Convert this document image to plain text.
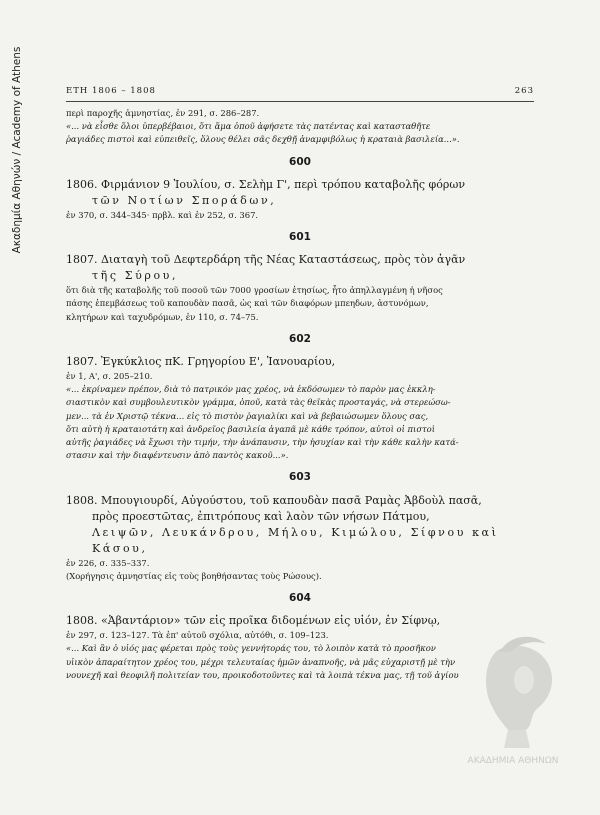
Ακαδημία Αθηνών / Academy of Athens	ΕΤΗ 1806 – 1808	263
περὶ παροχῆς ἀμνηστίας, ἐν 291, σ. 286–287.
«... νὰ εἶσθε ὅλοι ὑπερβέβαιοι, ὅτι ἅμα ὁποῦ ἀφήσετε τὰς πατέντας καὶ κατασταθῆτε
ῥαγιάδες πιστοὶ καὶ εὐπειθεῖς, ὅλους θέλει σᾶς δεχθῇ ἀναμφιβόλως ἡ κραταιὰ βασιλεία...».
600
1806. Φιρμάνιον 9 Ἰουλίου, σ. Σελὴμ Γ', περὶ τρόπου καταβολῆς φόρων
τῶν Νοτίων Σποράδων,
ἐν 370, σ. 344–345· πρβλ. καὶ ἐν 252, σ. 367.
601
1807. Διαταγὴ τοῦ Δεφτερδάρη τῆς Νέας Καταστάσεως, πρὸς τὸν ἀγᾶν
τῆς Σύρου,
ὅτι διὰ τῆς καταβολῆς τοῦ ποσοῦ τῶν 7000 γροσίων ἐτησίως, ἦτο ἀπηλλαγμένη ἡ νῆσος
πάσης ἐπεμβάσεως τοῦ καπουδὰν πασᾶ, ὡς καὶ τῶν διαφόρων μπεηδων, ἀστυνόμων,
κλητήρων καὶ ταχυδρόμων, ἐν 110, σ. 74–75.
602
1807. Ἐγκύκλιος πΚ. Γρηγορίου Ε', Ἰανουαρίου,
ἐν 1, Α', σ. 205–210.
«... ἐκρίναμεν πρέπον, διὰ τὸ πατρικόν μας χρέος, νὰ ἐκδόσωμεν τὸ παρὸν μας ἐκκλη-
σιαστικὸν καὶ συμβουλευτικὸν γράμμα, ὁποῦ, κατὰ τὰς θεϊκὰς προσταγάς, νὰ στερεώσω-
μεν... τὰ ἐν Χριστῷ τέκνα... εἰς τὸ πιστὸν ῥαγιαλίκι καὶ νὰ βεβαιώσωμεν ὅλους σας,
ὅτι αὐτὴ ἡ κραταιοτάτη καὶ ἀνδρεῖος βασιλεία ἀγαπᾶ μὲ κάθε τρόπον, αὐτοὶ οἱ πιστοὶ
αὐτῆς ῥαγιάδες νὰ ἔχωσι τὴν τιμήν, τὴν ἀνάπαυσιν, τὴν ἡσυχίαν καὶ τὴν κάθε καλὴν κατά-
στασιν καὶ τὴν διαφέντευσιν ἀπὸ παντὸς κακοῦ...».
603
1808. Μπουγιουρδί, Αὐγούστου, τοῦ καπουδὰν πασᾶ Ραμὰς Ἀβδοὺλ πασᾶ,
πρὸς προεστῶτας, ἐπιτρόπους καὶ λαὸν τῶν νήσων Πάτμου,
Λειψῶν, Λευκάνδρου, Μήλου, Κιμώλου, Σίφνου καὶ
Κάσου,
ἐν 226, σ. 335–337.
(Χορήγησις ἀμνηστίας εἰς τοὺς βοηθήσαντας τοὺς Ρώσους).
604
1808. «Ἀβαντάριον» τῶν εἰς προῖκα διδομένων εἰς υἱόν, ἐν Σίφνῳ,
ἐν 297, σ. 123–127. Τὰ ἐπ' αὐτοῦ σχόλια, αὐτόθι, σ. 109–123.
«... Καὶ ἂν ὁ υἱός μας φέρεται πρὸς τοὺς γεννήτοράς του, τὸ λοιπὸν κατὰ τὸ προσῆκον
υἱικὸν ἀπαραίτητον χρέος του, μέχρι τελευταίας ἡμῶν ἀναπνοῆς, νὰ μᾶς εὐχαριστῇ μὲ τὴν
νουνεχῆ καὶ θεοφιλῆ πολιτείαν του, προικοδοτοῦντες καὶ τὰ λοιπὰ τέκνα μας, τῇ τοῦ ἁγίου
ΑΚΑΔΗΜΙΑ ΑΘΗΝΩΝ
